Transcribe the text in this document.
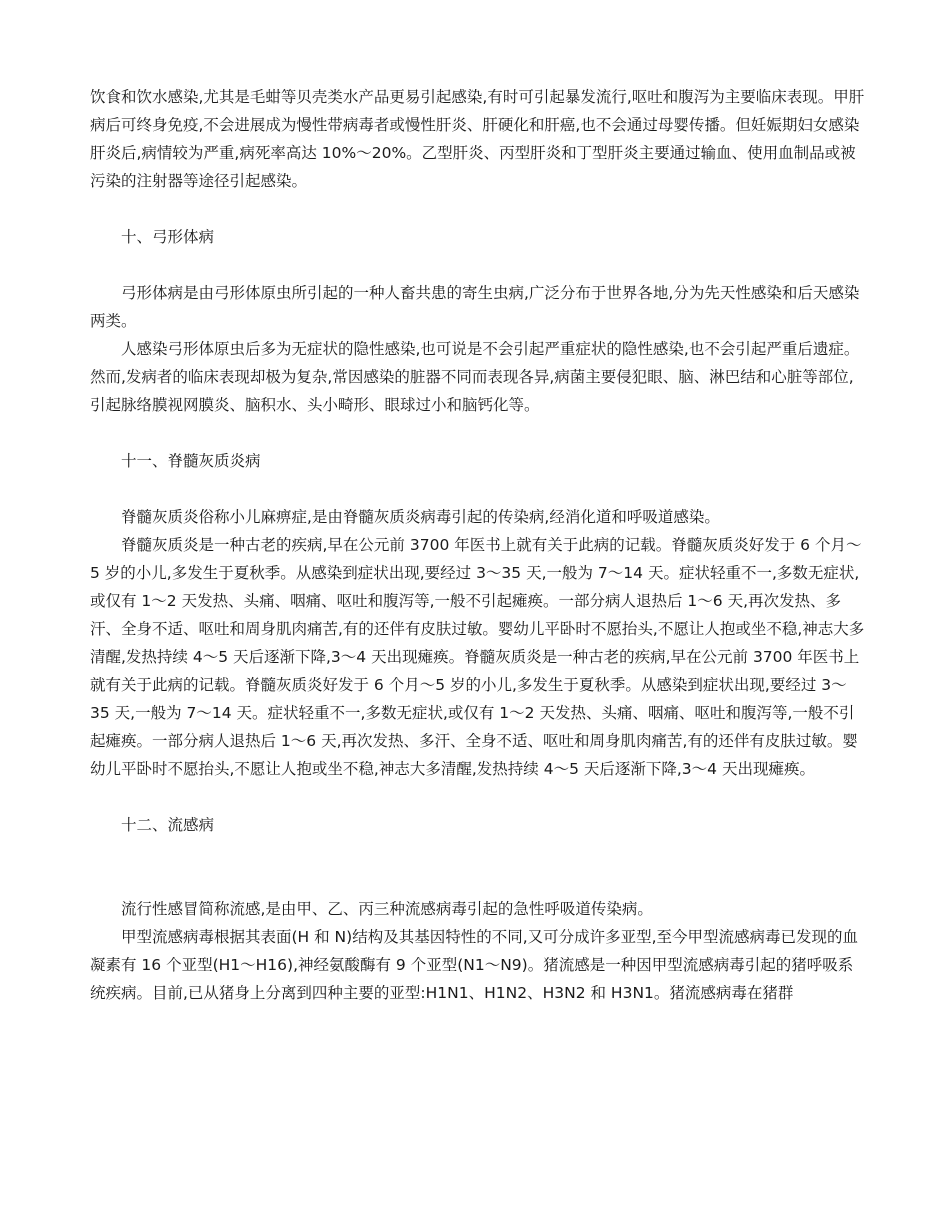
饮食和饮水感染,尤其是毛蚶等贝壳类水产品更易引起感染,有时可引起暴发流行,呕吐和腹泻为主要临床表现。甲肝病后可终身免疫,不会进展成为慢性带病毒者或慢性肝炎、肝硬化和肝癌,也不会通过母婴传播。但妊娠期妇女感染肝炎后,病情较为严重,病死率高达 10%～20%。乙型肝炎、丙型肝炎和丁型肝炎主要通过输血、使用血制品或被污染的注射器等途径引起感染。

十、弓形体病

弓形体病是由弓形体原虫所引起的一种人畜共患的寄生虫病,广泛分布于世界各地,分为先天性感染和后天感染两类。

人感染弓形体原虫后多为无症状的隐性感染,也可说是不会引起严重症状的隐性感染,也不会引起严重后遗症。然而,发病者的临床表现却极为复杂,常因感染的脏器不同而表现各异,病菌主要侵犯眼、脑、淋巴结和心脏等部位,引起脉络膜视网膜炎、脑积水、头小畸形、眼球过小和脑钙化等。

十一、脊髓灰质炎病

脊髓灰质炎俗称小儿麻痹症,是由脊髓灰质炎病毒引起的传染病,经消化道和呼吸道感染。

脊髓灰质炎是一种古老的疾病,早在公元前 3700 年医书上就有关于此病的记载。脊髓灰质炎好发于 6 个月～5 岁的小儿,多发生于夏秋季。从感染到症状出现,要经过 3～35 天,一般为 7～14 天。症状轻重不一,多数无症状,或仅有 1～2 天发热、头痛、咽痛、呕吐和腹泻等,一般不引起瘫痪。一部分病人退热后 1～6 天,再次发热、多汗、全身不适、呕吐和周身肌肉痛苦,有的还伴有皮肤过敏。婴幼儿平卧时不愿抬头,不愿让人抱或坐不稳,神志大多清醒,发热持续 4～5 天后逐渐下降,3～4 天出现瘫痪。脊髓灰质炎是一种古老的疾病,早在公元前 3700 年医书上就有关于此病的记载。脊髓灰质炎好发于 6 个月～5 岁的小儿,多发生于夏秋季。从感染到症状出现,要经过 3～35 天,一般为 7～14 天。症状轻重不一,多数无症状,或仅有 1～2 天发热、头痛、咽痛、呕吐和腹泻等,一般不引起瘫痪。一部分病人退热后 1～6 天,再次发热、多汗、全身不适、呕吐和周身肌肉痛苦,有的还伴有皮肤过敏。婴幼儿平卧时不愿抬头,不愿让人抱或坐不稳,神志大多清醒,发热持续 4～5 天后逐渐下降,3～4 天出现瘫痪。

十二、流感病

流行性感冒简称流感,是由甲、乙、丙三种流感病毒引起的急性呼吸道传染病。

甲型流感病毒根据其表面(H 和 N)结构及其基因特性的不同,又可分成许多亚型,至今甲型流感病毒已发现的血凝素有 16 个亚型(H1～H16),神经氨酸酶有 9 个亚型(N1～N9)。猪流感是一种因甲型流感病毒引起的猪呼吸系统疾病。目前,已从猪身上分离到四种主要的亚型:H1N1、H1N2、H3N2 和 H3N1。猪流感病毒在猪群
